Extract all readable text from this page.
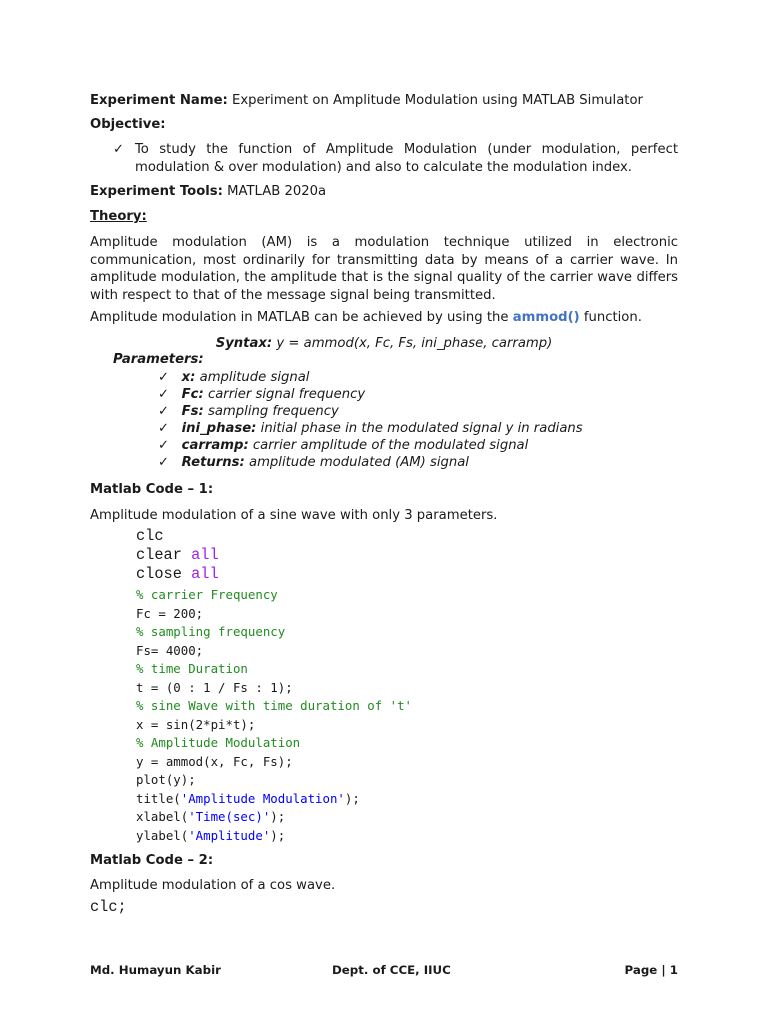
Experiment Name: Experiment on Amplitude Modulation using MATLAB Simulator
Objective:
✓ To study the function of Amplitude Modulation (under modulation, perfect modulation & over modulation) and also to calculate the modulation index.
Experiment Tools: MATLAB 2020a
Theory:
Amplitude modulation (AM) is a modulation technique utilized in electronic communication, most ordinarily for transmitting data by means of a carrier wave. In amplitude modulation, the amplitude that is the signal quality of the carrier wave differs with respect to that of the message signal being transmitted.
Amplitude modulation in MATLAB can be achieved by using the ammod() function.
Syntax: y = ammod(x, Fc, Fs, ini_phase, carramp)
Parameters:
✓ x: amplitude signal
✓ Fc: carrier signal frequency
✓ Fs: sampling frequency
✓ ini_phase: initial phase in the modulated signal y in radians
✓ carramp: carrier amplitude of the modulated signal
✓ Returns: amplitude modulated (AM) signal
Matlab Code – 1:
Amplitude modulation of a sine wave with only 3 parameters.
clc
clear all
close all
% carrier Frequency
Fc = 200;
% sampling frequency
Fs= 4000;
% time Duration
t = (0 : 1 / Fs : 1);
% sine Wave with time duration of 't'
x = sin(2*pi*t);
% Amplitude Modulation
y = ammod(x, Fc, Fs);
plot(y);
title('Amplitude Modulation');
xlabel('Time(sec)');
ylabel('Amplitude');
Matlab Code – 2:
Amplitude modulation of a cos wave.
clc;
Md. Humayun Kabir	Dept. of CCE, IIUC	Page | 1
